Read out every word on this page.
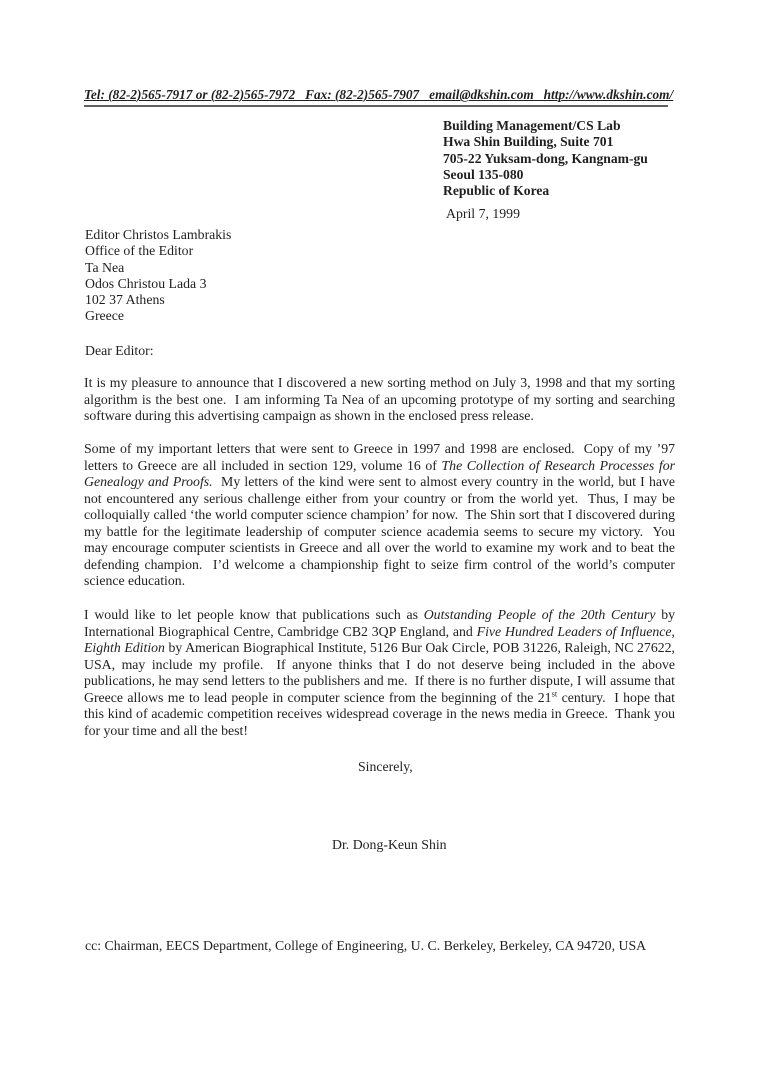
Tel: (82-2)565-7917 or (82-2)565-7972   Fax: (82-2)565-7907   email@dkshin.com   http://www.dkshin.com/
Building Management/CS Lab
Hwa Shin Building, Suite 701
705-22 Yuksam-dong, Kangnam-gu
Seoul 135-080
Republic of Korea
April 7, 1999
Editor Christos Lambrakis
Office of the Editor
Ta Nea
Odos Christou Lada 3
102 37 Athens
Greece
Dear Editor:
It is my pleasure to announce that I discovered a new sorting method on July 3, 1998 and that my sorting algorithm is the best one.  I am informing Ta Nea of an upcoming prototype of my sorting and searching software during this advertising campaign as shown in the enclosed press release.
Some of my important letters that were sent to Greece in 1997 and 1998 are enclosed.  Copy of my ’97 letters to Greece are all included in section 129, volume 16 of The Collection of Research Processes for Genealogy and Proofs.  My letters of the kind were sent to almost every country in the world, but I have not encountered any serious challenge either from your country or from the world yet.  Thus, I may be colloquially called ‘the world computer science champion’ for now.  The Shin sort that I discovered during my battle for the legitimate leadership of computer science academia seems to secure my victory.  You may encourage computer scientists in Greece and all over the world to examine my work and to beat the defending champion.  I’d welcome a championship fight to seize firm control of the world’s computer science education.
I would like to let people know that publications such as Outstanding People of the 20th Century by International Biographical Centre, Cambridge CB2 3QP England, and Five Hundred Leaders of Influence, Eighth Edition by American Biographical Institute, 5126 Bur Oak Circle, POB 31226, Raleigh, NC 27622, USA, may include my profile.  If anyone thinks that I do not deserve being included in the above publications, he may send letters to the publishers and me.  If there is no further dispute, I will assume that Greece allows me to lead people in computer science from the beginning of the 21st century.  I hope that this kind of academic competition receives widespread coverage in the news media in Greece.  Thank you for your time and all the best!
Sincerely,
Dr. Dong-Keun Shin
cc: Chairman, EECS Department, College of Engineering, U. C. Berkeley, Berkeley, CA 94720, USA
